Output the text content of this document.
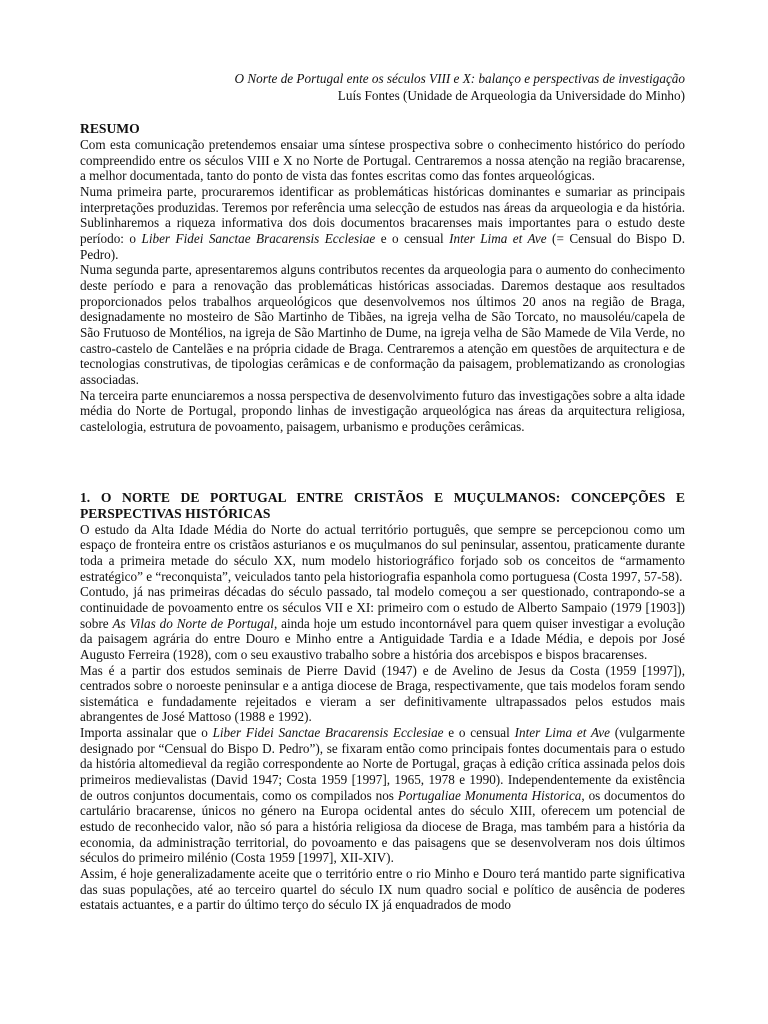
O Norte de Portugal ente os séculos VIII e X: balanço e perspectivas de investigação
Luís Fontes (Unidade de Arqueologia da Universidade do Minho)
RESUMO

Com esta comunicação pretendemos ensaiar uma síntese prospectiva sobre o conhecimento histórico do período compreendido entre os séculos VIII e X no Norte de Portugal. Centraremos a nossa atenção na região bracarense, a melhor documentada, tanto do ponto de vista das fontes escritas como das fontes arqueológicas.

Numa primeira parte, procuraremos identificar as problemáticas históricas dominantes e sumariar as principais interpretações produzidas. Teremos por referência uma selecção de estudos nas áreas da arqueologia e da história. Sublinharemos a riqueza informativa dos dois documentos bracarenses mais importantes para o estudo deste período: o Liber Fidei Sanctae Bracarensis Ecclesiae e o censual Inter Lima et Ave (= Censual do Bispo D. Pedro).

Numa segunda parte, apresentaremos alguns contributos recentes da arqueologia para o aumento do conhecimento deste período e para a renovação das problemáticas históricas associadas. Daremos destaque aos resultados proporcionados pelos trabalhos arqueológicos que desenvolvemos nos últimos 20 anos na região de Braga, designadamente no mosteiro de São Martinho de Tibães, na igreja velha de São Torcato, no mausoléu/capela de São Frutuoso de Montélios, na igreja de São Martinho de Dume, na igreja velha de São Mamede de Vila Verde, no castro-castelo de Cantelães e na própria cidade de Braga. Centraremos a atenção em questões de arquitectura e de tecnologias construtivas, de tipologias cerâmicas e de conformação da paisagem, problematizando as cronologias associadas.

Na terceira parte enunciaremos a nossa perspectiva de desenvolvimento futuro das investigações sobre a alta idade média do Norte de Portugal, propondo linhas de investigação arqueológica nas áreas da arquitectura religiosa, castelologia, estrutura de povoamento, paisagem, urbanismo e produções cerâmicas.

1. O NORTE DE PORTUGAL ENTRE CRISTÃOS E MUÇULMANOS: CONCEPÇÕES E PERSPECTIVAS HISTÓRICAS

O estudo da Alta Idade Média do Norte do actual território português, que sempre se percepcionou como um espaço de fronteira entre os cristãos asturianos e os muçulmanos do sul peninsular, assentou, praticamente durante toda a primeira metade do século XX, num modelo historiográfico forjado sob os conceitos de “armamento estratégico” e “reconquista”, veiculados tanto pela historiografia espanhola como portuguesa (Costa 1997, 57-58).

Contudo, já nas primeiras décadas do século passado, tal modelo começou a ser questionado, contrapondo-se a continuidade de povoamento entre os séculos VII e XI: primeiro com o estudo de Alberto Sampaio (1979 [1903]) sobre As Vilas do Norte de Portugal, ainda hoje um estudo incontornável para quem quiser investigar a evolução da paisagem agrária do entre Douro e Minho entre a Antiguidade Tardia e a Idade Média, e depois por José Augusto Ferreira (1928), com o seu exaustivo trabalho sobre a história dos arcebispos e bispos bracarenses.

Mas é a partir dos estudos seminais de Pierre David (1947) e de Avelino de Jesus da Costa (1959 [1997]), centrados sobre o noroeste peninsular e a antiga diocese de Braga, respectivamente, que tais modelos foram sendo sistemática e fundadamente rejeitados e vieram a ser definitivamente ultrapassados pelos estudos mais abrangentes de José Mattoso (1988 e 1992).

Importa assinalar que o Liber Fidei Sanctae Bracarensis Ecclesiae e o censual Inter Lima et Ave (vulgarmente designado por “Censual do Bispo D. Pedro”), se fixaram então como principais fontes documentais para o estudo da história altomedieval da região correspondente ao Norte de Portugal, graças à edição crítica assinada pelos dois primeiros medievalistas (David 1947; Costa 1959 [1997], 1965, 1978 e 1990). Independentemente da existência de outros conjuntos documentais, como os compilados nos Portugaliae Monumenta Historica, os documentos do cartulário bracarense, únicos no género na Europa ocidental antes do século XIII, oferecem um potencial de estudo de reconhecido valor, não só para a história religiosa da diocese de Braga, mas também para a história da economia, da administração territorial, do povoamento e das paisagens que se desenvolveram nos dois últimos séculos do primeiro milénio (Costa 1959 [1997], XII-XIV).

Assim, é hoje generalizadamente aceite que o território entre o rio Minho e Douro terá mantido parte significativa das suas populações, até ao terceiro quartel do século IX num quadro social e político de ausência de poderes estatais actuantes, e a partir do último terço do século IX já enquadrados de modo
